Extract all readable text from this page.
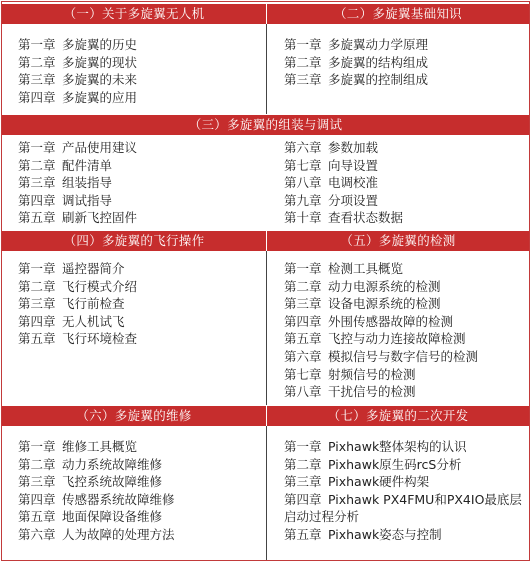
（一）关于多旋翼无人机	（二）多旋翼基础知识
第一章 多旋翼的历史
第二章 多旋翼的现状
第三章 多旋翼的未来
第四章 多旋翼的应用
第一章 多旋翼动力学原理
第二章 多旋翼的结构组成
第三章 多旋翼的控制组成
（三）多旋翼的组装与调试
第一章 产品使用建议
第二章 配件清单
第三章 组装指导
第四章 调试指导
第五章 刷新飞控固件
第六章 参数加载
第七章 向导设置
第八章 电调校准
第九章 分项设置
第十章 查看状态数据
（四）多旋翼的飞行操作	（五）多旋翼的检测
第一章 遥控器简介
第二章 飞行模式介绍
第三章 飞行前检查
第四章 无人机试飞
第五章 飞行环境检查
第一章 检测工具概览
第二章 动力电源系统的检测
第三章 设备电源系统的检测
第四章 外围传感器故障的检测
第五章 飞控与动力连接故障检测
第六章 模拟信号与数字信号的检测
第七章 射频信号的检测
第八章 干扰信号的检测
（六）多旋翼的维修	（七）多旋翼的二次开发
第一章 维修工具概览
第二章 动力系统故障维修
第三章 飞控系统故障维修
第四章 传感器系统故障维修
第五章 地面保障设备维修
第六章 人为故障的处理方法
第一章 Pixhawk整体架构的认识
第二章 Pixhawk原生码rcS分析
第三章 Pixhawk硬件构架
第四章 Pixhawk PX4FMU和PX4IO最底层
启动过程分析
第五章 Pixhawk姿态与控制
